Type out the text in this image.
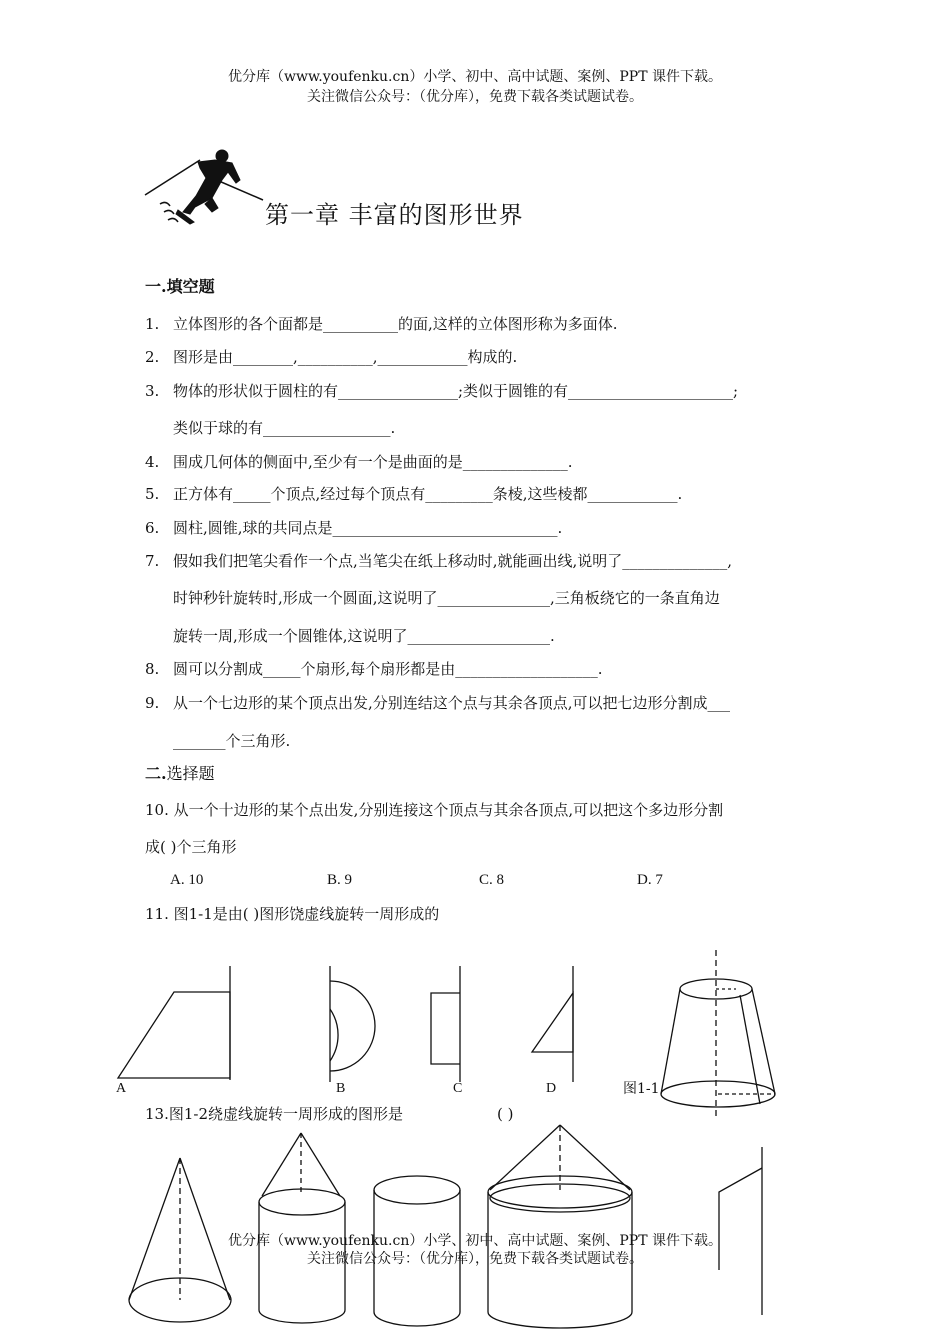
优分库（www.youfenku.cn）小学、初中、高中试题、案例、PPT 课件下载。
关注微信公众号：（优分库），免费下载各类试题试卷。
第一章 丰富的图形世界
一.填空题
1. 立体图形的各个面都是__________的面,这样的立体图形称为多面体.
2. 图形是由________,__________,____________构成的.
3. 物体的形状似于圆柱的有________________;类似于圆锥的有______________________;
类似于球的有_________________.
4. 围成几何体的侧面中,至少有一个是曲面的是______________.
5. 正方体有_____个顶点,经过每个顶点有_________条棱,这些棱都____________.
6. 圆柱,圆锥,球的共同点是______________________________.
7. 假如我们把笔尖看作一个点,当笔尖在纸上移动时,就能画出线,说明了______________,
时钟秒针旋转时,形成一个圆面,这说明了_______________,三角板绕它的一条直角边
旋转一周,形成一个圆锥体,这说明了___________________.
8. 圆可以分割成_____个扇形,每个扇形都是由___________________.
9. 从一个七边形的某个顶点出发,分别连结这个点与其余各顶点,可以把七边形分割成___
_______个三角形.
二.选择题
10. 从一个十边形的某个点出发,分别连接这个顶点与其余各顶点,可以把这个多边形分割
成( )个三角形
A. 10	B. 9	C. 8	D. 7
11. 图1-1是由( )图形饶虚线旋转一周形成的
A	B	C	D	图1-1
13.图1-2绕虚线旋转一周形成的图形是	( )
优分库（www.youfenku.cn）小学、初中、高中试题、案例、PPT 课件下载。
关注微信公众号：（优分库），免费下载各类试题试卷。
